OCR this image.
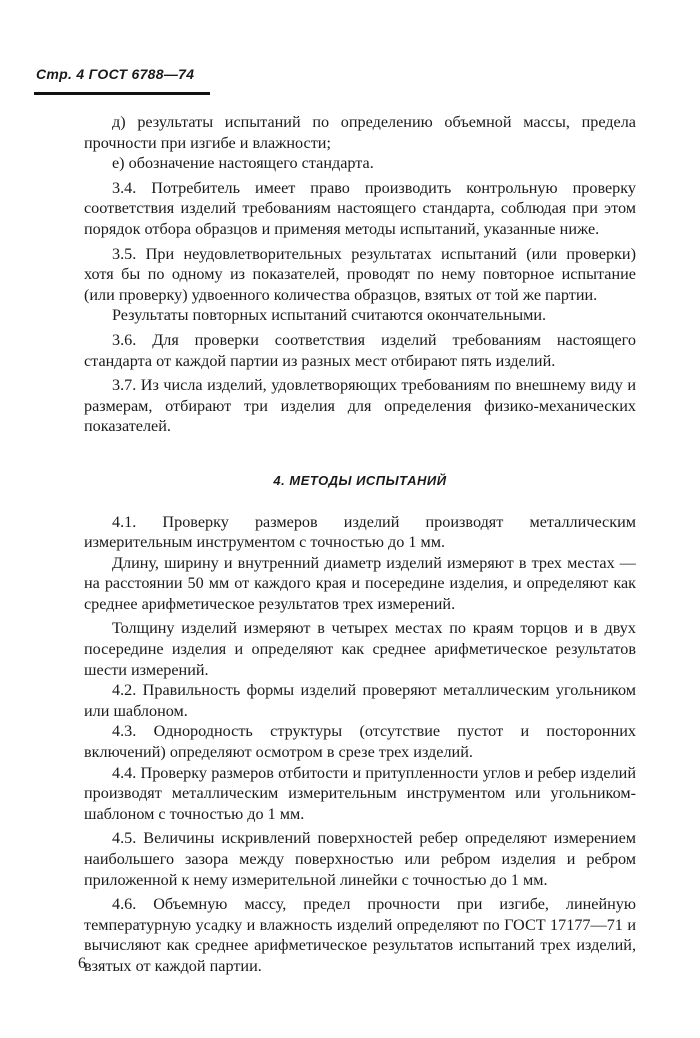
Стр. 4 ГОСТ 6788—74

д) результаты испытаний по определению объемной массы, предела прочности при изгибе и влажности;

е) обозначение настоящего стандарта.

3.4. Потребитель имеет право производить контрольную проверку соответствия изделий требованиям настоящего стандарта, соблюдая при этом порядок отбора образцов и применяя методы испытаний, указанные ниже.

3.5. При неудовлетворительных результатах испытаний (или проверки) хотя бы по одному из показателей, проводят по нему повторное испытание (или проверку) удвоенного количества образцов, взятых от той же партии.

Результаты повторных испытаний считаются окончательными.

3.6. Для проверки соответствия изделий требованиям настоящего стандарта от каждой партии из разных мест отбирают пять изделий.

3.7. Из числа изделий, удовлетворяющих требованиям по внешнему виду и размерам, отбирают три изделия для определения физико-механических показателей.

4. МЕТОДЫ ИСПЫТАНИЙ

4.1. Проверку размеров изделий производят металлическим измерительным инструментом с точностью до 1 мм.

Длину, ширину и внутренний диаметр изделий измеряют в трех местах — на расстоянии 50 мм от каждого края и посередине изделия, и определяют как среднее арифметическое результатов трех измерений.

Толщину изделий измеряют в четырех местах по краям торцов и в двух посередине изделия и определяют как среднее арифметическое результатов шести измерений.

4.2. Правильность формы изделий проверяют металлическим угольником или шаблоном.

4.3. Однородность структуры (отсутствие пустот и посторонних включений) определяют осмотром в срезе трех изделий.

4.4. Проверку размеров отбитости и притупленности углов и ребер изделий производят металлическим измерительным инструментом или угольником-шаблоном с точностью до 1 мм.

4.5. Величины искривлений поверхностей ребер определяют измерением наибольшего зазора между поверхностью или ребром изделия и ребром приложенной к нему измерительной линейки с точностью до 1 мм.

4.6. Объемную массу, предел прочности при изгибе, линейную температурную усадку и влажность изделий определяют по ГОСТ 17177—71 и вычисляют как среднее арифметическое результатов испытаний трех изделий, взятых от каждой партии.

6
